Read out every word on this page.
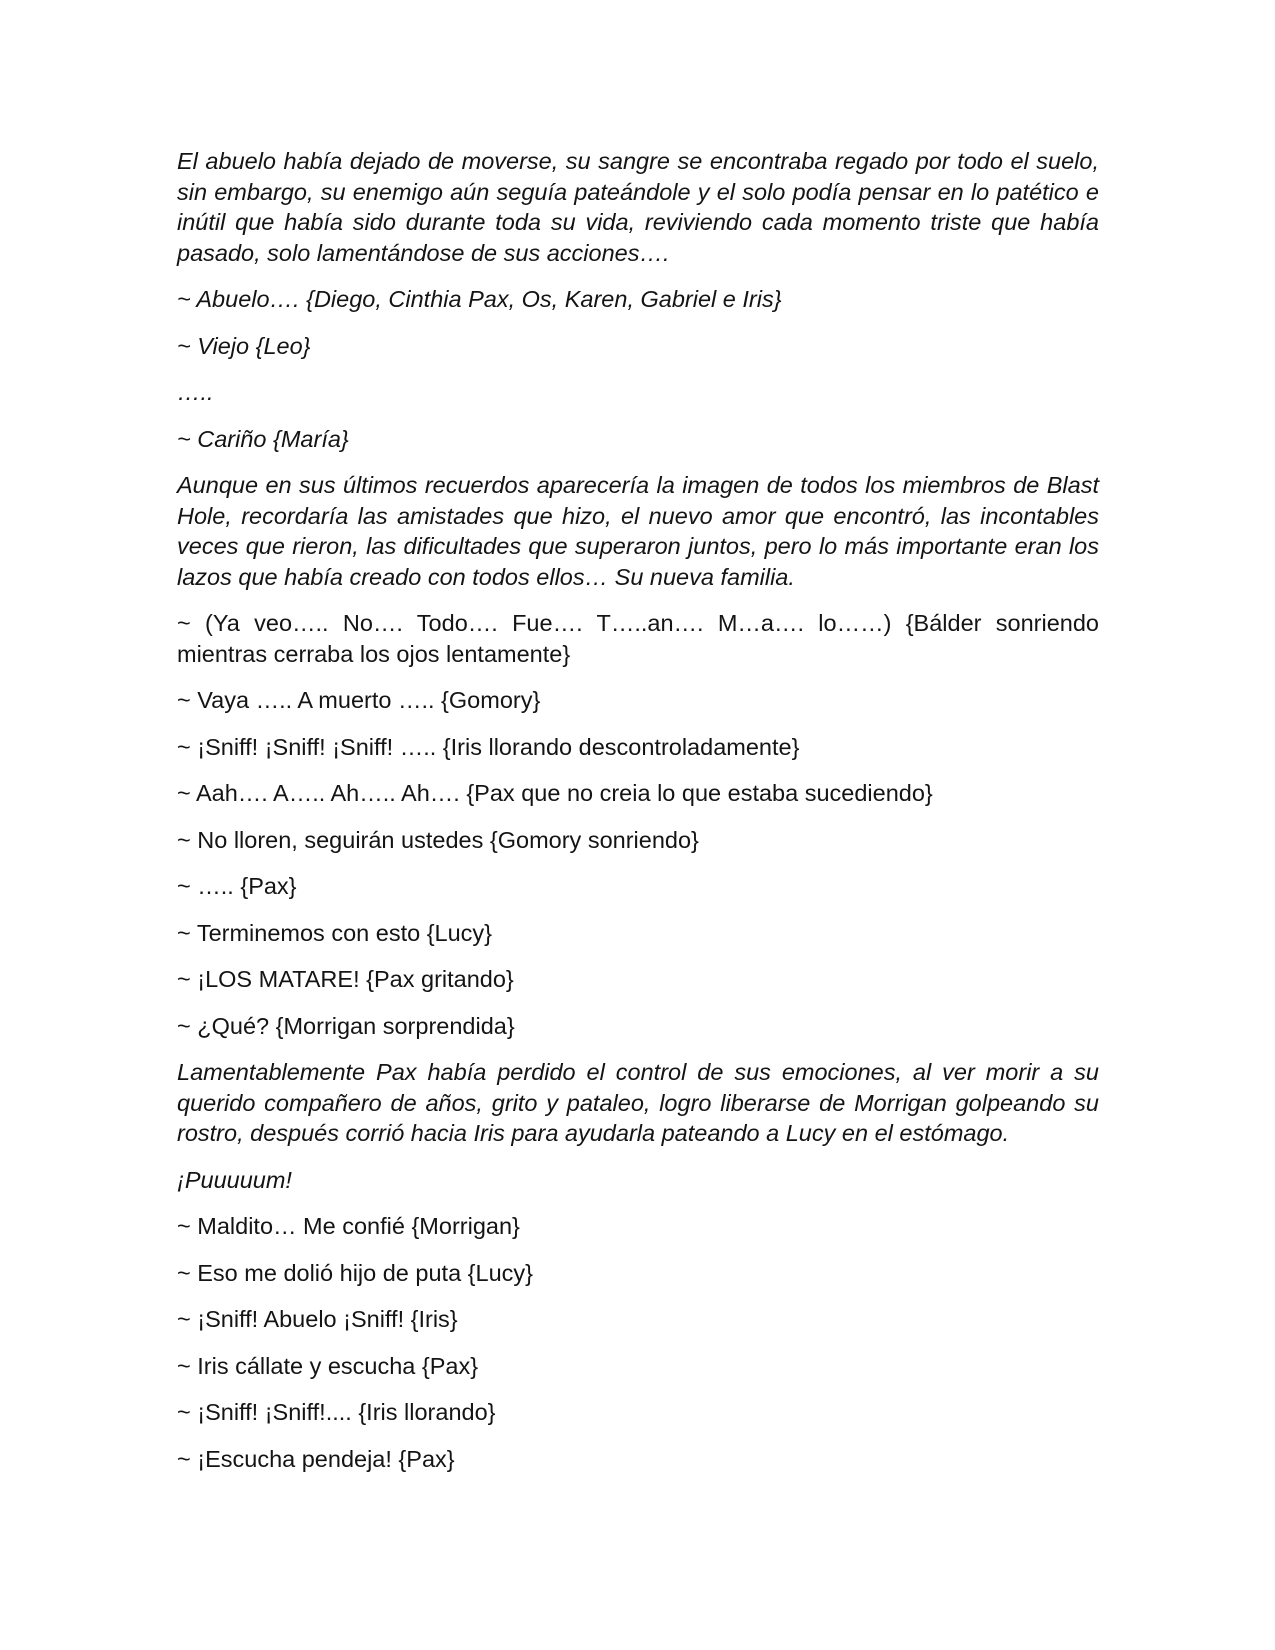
El abuelo había dejado de moverse, su sangre se encontraba regado por todo el suelo, sin embargo, su enemigo aún seguía pateándole y el solo podía pensar en lo patético e inútil que había sido durante toda su vida, reviviendo cada momento triste que había pasado, solo lamentándose de sus acciones….

~ Abuelo…. {Diego, Cinthia Pax, Os, Karen, Gabriel e Iris}

~ Viejo {Leo}

…..

~ Cariño {María}

Aunque en sus últimos recuerdos aparecería la imagen de todos los miembros de Blast Hole, recordaría las amistades que hizo, el nuevo amor que encontró, las incontables veces que rieron, las dificultades que superaron juntos, pero lo más importante eran los lazos que había creado con todos ellos… Su nueva familia.

~ (Ya veo….. No…. Todo…. Fue…. T…..an…. M…a…. lo……) {Bálder sonriendo mientras cerraba los ojos lentamente}

~ Vaya ….. A muerto ….. {Gomory}

~ ¡Sniff! ¡Sniff! ¡Sniff! ….. {Iris llorando descontroladamente}

~ Aah…. A….. Ah….. Ah…. {Pax que no creia lo que estaba sucediendo}

~ No lloren, seguirán ustedes {Gomory sonriendo}

~ ….. {Pax}

~ Terminemos con esto {Lucy}

~ ¡LOS MATARE! {Pax gritando}

~ ¿Qué? {Morrigan sorprendida}

Lamentablemente Pax había perdido el control de sus emociones, al ver morir a su querido compañero de años, grito y pataleo, logro liberarse de Morrigan golpeando su rostro, después corrió hacia Iris para ayudarla pateando a Lucy en el estómago.

¡Puuuuum!

~ Maldito… Me confié {Morrigan}

~ Eso me dolió hijo de puta {Lucy}

~ ¡Sniff! Abuelo ¡Sniff! {Iris}

~ Iris cállate y escucha {Pax}

~ ¡Sniff! ¡Sniff!.... {Iris llorando}

~ ¡Escucha pendeja! {Pax}
